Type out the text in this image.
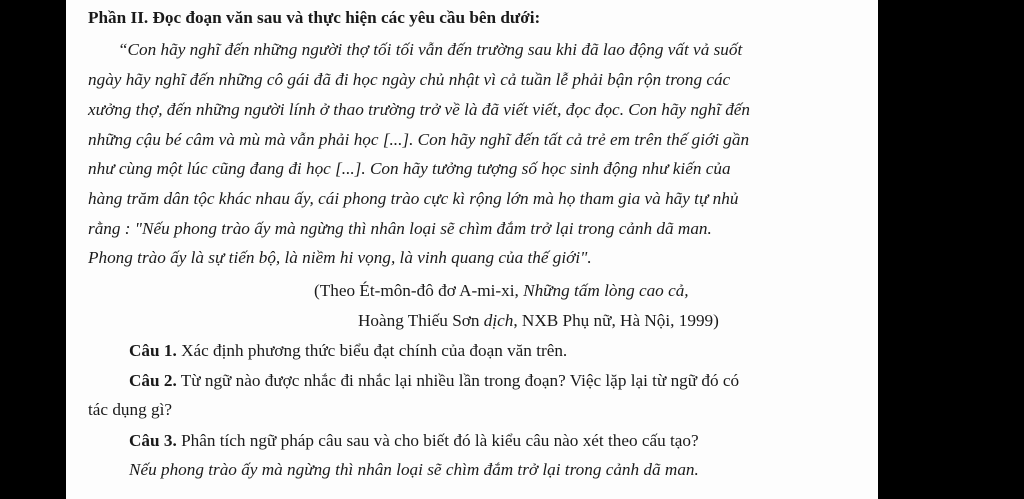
Phần II. Đọc đoạn văn sau và thực hiện các yêu cầu bên dưới:
“Con hãy nghĩ đến những người thợ tối tối vẫn đến trường sau khi đã lao động vất vả suốt
ngày hãy nghĩ đến những cô gái đã đi học ngày chủ nhật vì cả tuần lễ phải bận rộn trong các
xưởng thợ, đến những người lính ở thao trường trở về là đã viết viết, đọc đọc. Con hãy nghĩ đến
những cậu bé câm và mù mà vẫn phải học [...]. Con hãy nghĩ đến tất cả trẻ em trên thế giới gần
như cùng một lúc cũng đang đi học [...]. Con hãy tưởng tượng số học sinh động như kiến của
hàng trăm dân tộc khác nhau ấy, cái phong trào cực kì rộng lớn mà họ tham gia và hãy tự nhủ
rằng : "Nếu phong trào ấy mà ngừng thì nhân loại sẽ chìm đắm trở lại trong cảnh dã man.
Phong trào ấy là sự tiến bộ, là niềm hi vọng, là vinh quang của thế giới".
(Theo Ét-môn-đô đơ A-mi-xi, Những tấm lòng cao cả,
Hoàng Thiếu Sơn dịch, NXB Phụ nữ, Hà Nội, 1999)
Câu 1. Xác định phương thức biểu đạt chính của đoạn văn trên.
Câu 2. Từ ngữ nào được nhắc đi nhắc lại nhiều lần trong đoạn? Việc lặp lại từ ngữ đó có
tác dụng gì?
Câu 3. Phân tích ngữ pháp câu sau và cho biết đó là kiểu câu nào xét theo cấu tạo?
Nếu phong trào ấy mà ngừng thì nhân loại sẽ chìm đắm trở lại trong cảnh dã man.
